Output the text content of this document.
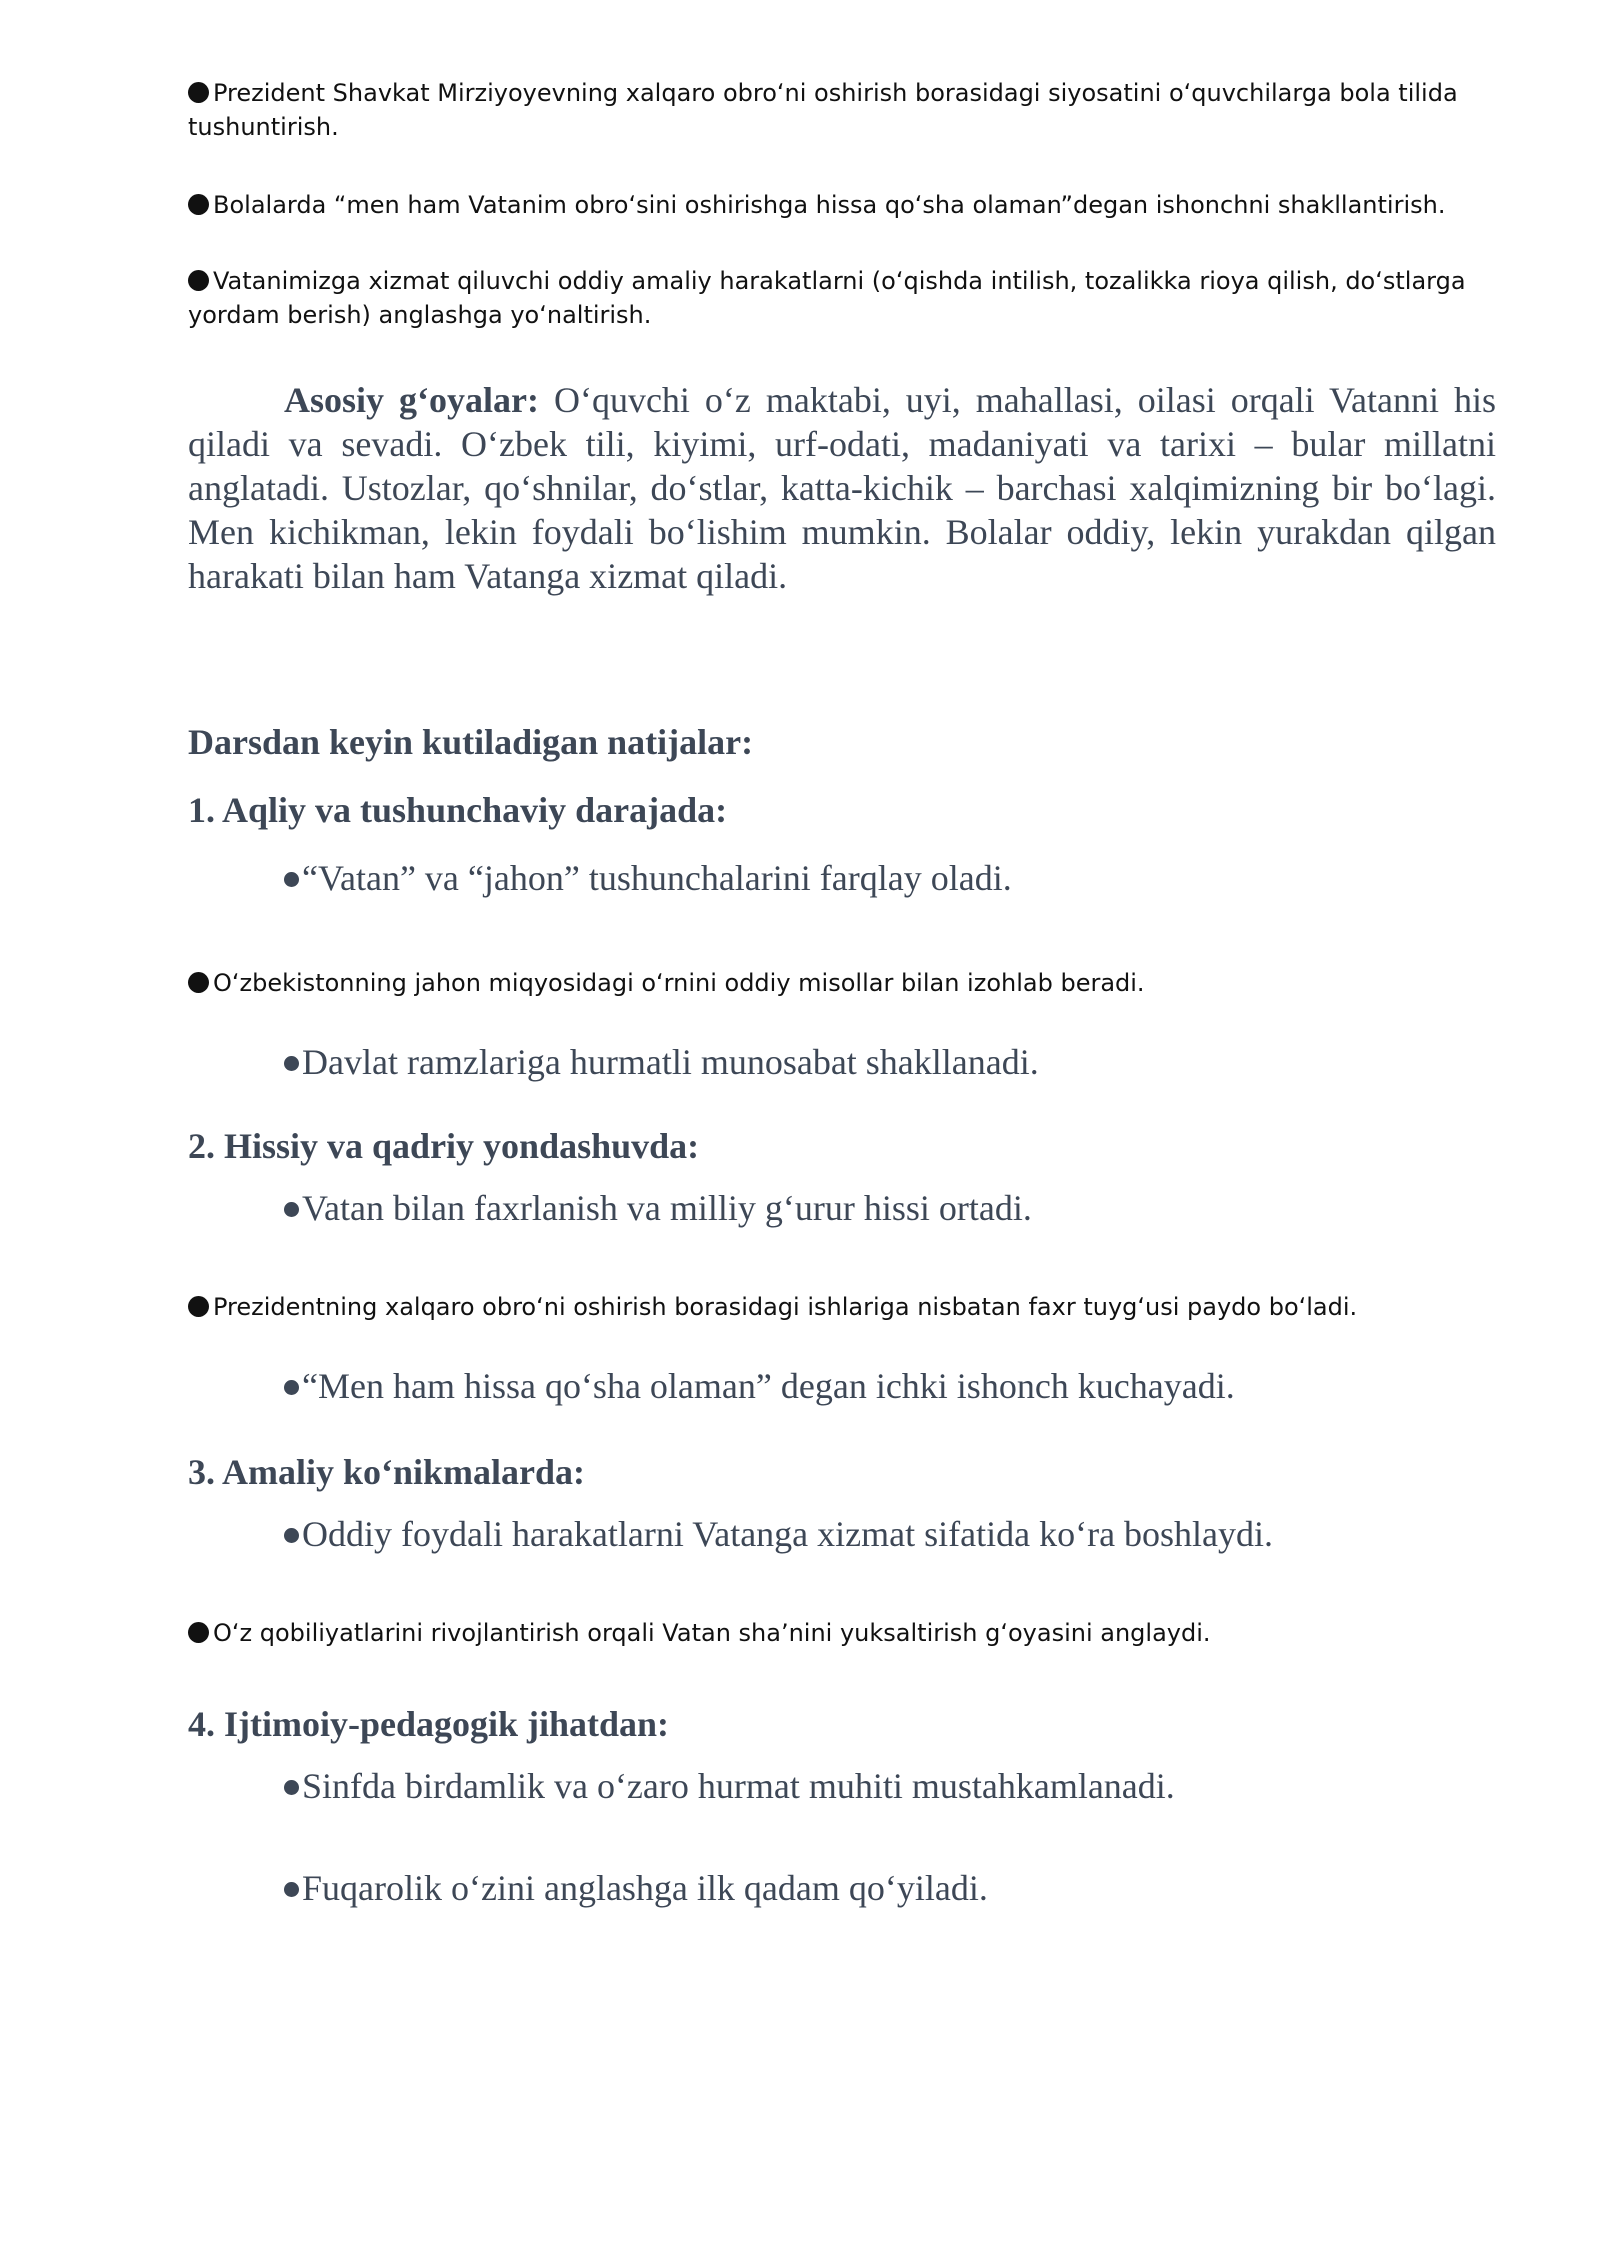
Prezident Shavkat Mirziyoyevning xalqaro obroʻni oshirish borasidagi siyosatini oʻquvchilarga bola tilida tushuntirish.
Bolalarda “men ham Vatanim obroʻsini oshirishga hissa qoʻsha olaman”degan ishonchni shakllantirish.
Vatanimizga xizmat qiluvchi oddiy amaliy harakatlarni (oʻqishda intilish, tozalikka rioya qilish, doʻstlarga yordam berish) anglashga yoʻnaltirish.
Asosiy g‘oyalar: O‘quvchi o‘z maktabi, uyi, mahallasi, oilasi orqali Vatanni his qiladi va sevadi. O‘zbek tili, kiyimi, urf-odati, madaniyati va tarixi – bular millatni anglatadi. Ustozlar, qo‘shnilar, do‘stlar, katta-kichik – barchasi xalqimizning bir bo‘lagi. Men kichikman, lekin foydali bo‘lishim mumkin. Bolalar oddiy, lekin yurakdan qilgan harakati bilan ham Vatanga xizmat qiladi.
Darsdan keyin kutiladigan natijalar:
1. Aqliy va tushunchaviy darajada:
“Vatan” va “jahon” tushunchalarini farqlay oladi.
Oʻzbekistonning jahon miqyosidagi oʻrnini oddiy misollar bilan izohlab beradi.
Davlat ramzlariga hurmatli munosabat shakllanadi.
2. Hissiy va qadriy yondashuvda:
Vatan bilan faxrlanish va milliy g‘urur hissi ortadi.
Prezidentning xalqaro obroʻni oshirish borasidagi ishlariga nisbatan faxr tuygʻusi paydo boʻladi.
“Men ham hissa qo‘sha olaman” degan ichki ishonch kuchayadi.
3. Amaliy ko‘nikmalarda:
Oddiy foydali harakatlarni Vatanga xizmat sifatida ko‘ra boshlaydi.
Oʻz qobiliyatlarini rivojlantirish orqali Vatan shaʼnini yuksaltirish gʻoyasini anglaydi.
4. Ijtimoiy-pedagogik jihatdan:
Sinfda birdamlik va o‘zaro hurmat muhiti mustahkamlanadi.
Fuqarolik o‘zini anglashga ilk qadam qo‘yiladi.
